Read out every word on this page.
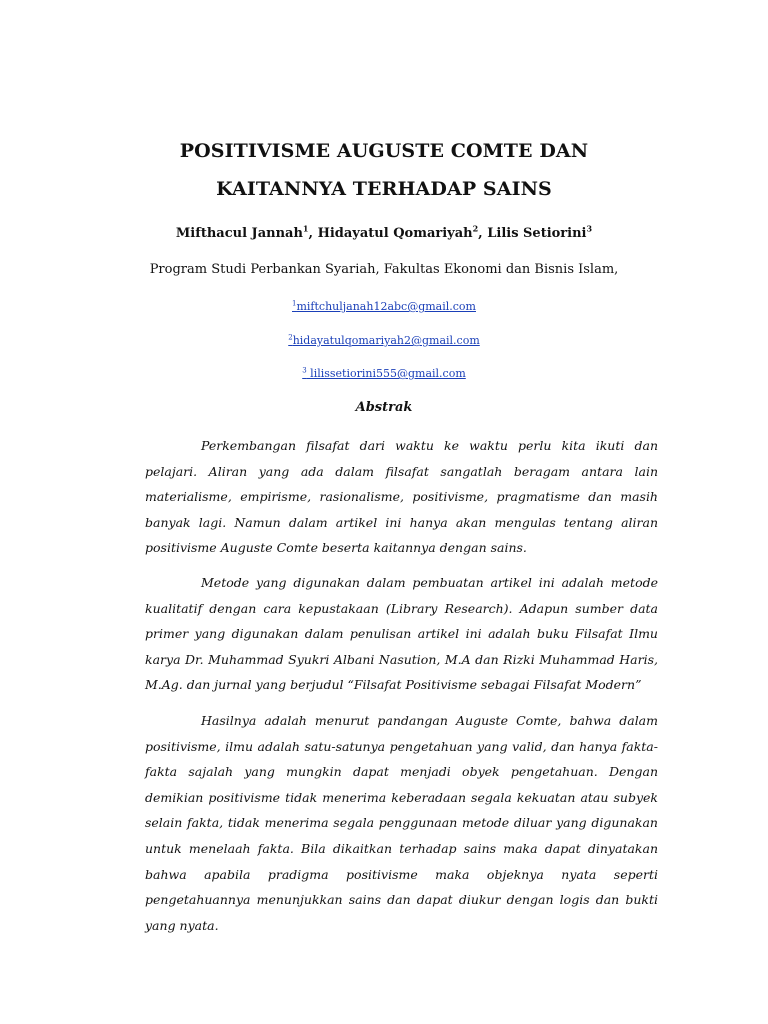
POSITIVISME AUGUSTE COMTE DAN
KAITANNYA TERHADAP SAINS
Mifthacul Jannah$^1$, Hidayatul Qomariyah$^2$, Lilis Setiorini$^3$
Program Studi Perbankan Syariah, Fakultas Ekonomi dan Bisnis Islam,
$^1$miftchuljanah12abc@gmail.com
$^2$hidayatulqomariyah2@gmail.com
$^3$ lilissetiorini555@gmail.com
Abstrak

Perkembangan filsafat dari waktu ke waktu perlu kita ikuti dan pelajari. Aliran yang ada dalam filsafat sangatlah beragam antara lain materialisme, empirisme, rasionalisme, positivisme, pragmatisme dan masih banyak lagi. Namun dalam artikel ini hanya akan mengulas tentang aliran positivisme Auguste Comte beserta kaitannya dengan sains.

Metode yang digunakan dalam pembuatan artikel ini adalah metode kualitatif dengan cara kepustakaan (Library Research). Adapun sumber data primer yang digunakan dalam penulisan artikel ini adalah buku Filsafat Ilmu karya Dr. Muhammad Syukri Albani Nasution, M.A dan Rizki Muhammad Haris, M.Ag. dan jurnal yang berjudul “Filsafat Positivisme sebagai Filsafat Modern”

Hasilnya adalah menurut pandangan Auguste Comte, bahwa dalam positivisme, ilmu adalah satu-satunya pengetahuan yang valid, dan hanya fakta-fakta sajalah yang mungkin dapat menjadi obyek pengetahuan. Dengan demikian positivisme tidak menerima keberadaan segala kekuatan atau subyek selain fakta, tidak menerima segala penggunaan metode diluar yang digunakan untuk menelaah fakta. Bila dikaitkan terhadap sains maka dapat dinyatakan bahwa apabila pradigma positivisme maka objeknya nyata seperti pengetahuannya menunjukkan sains dan dapat diukur dengan logis dan bukti yang nyata.
